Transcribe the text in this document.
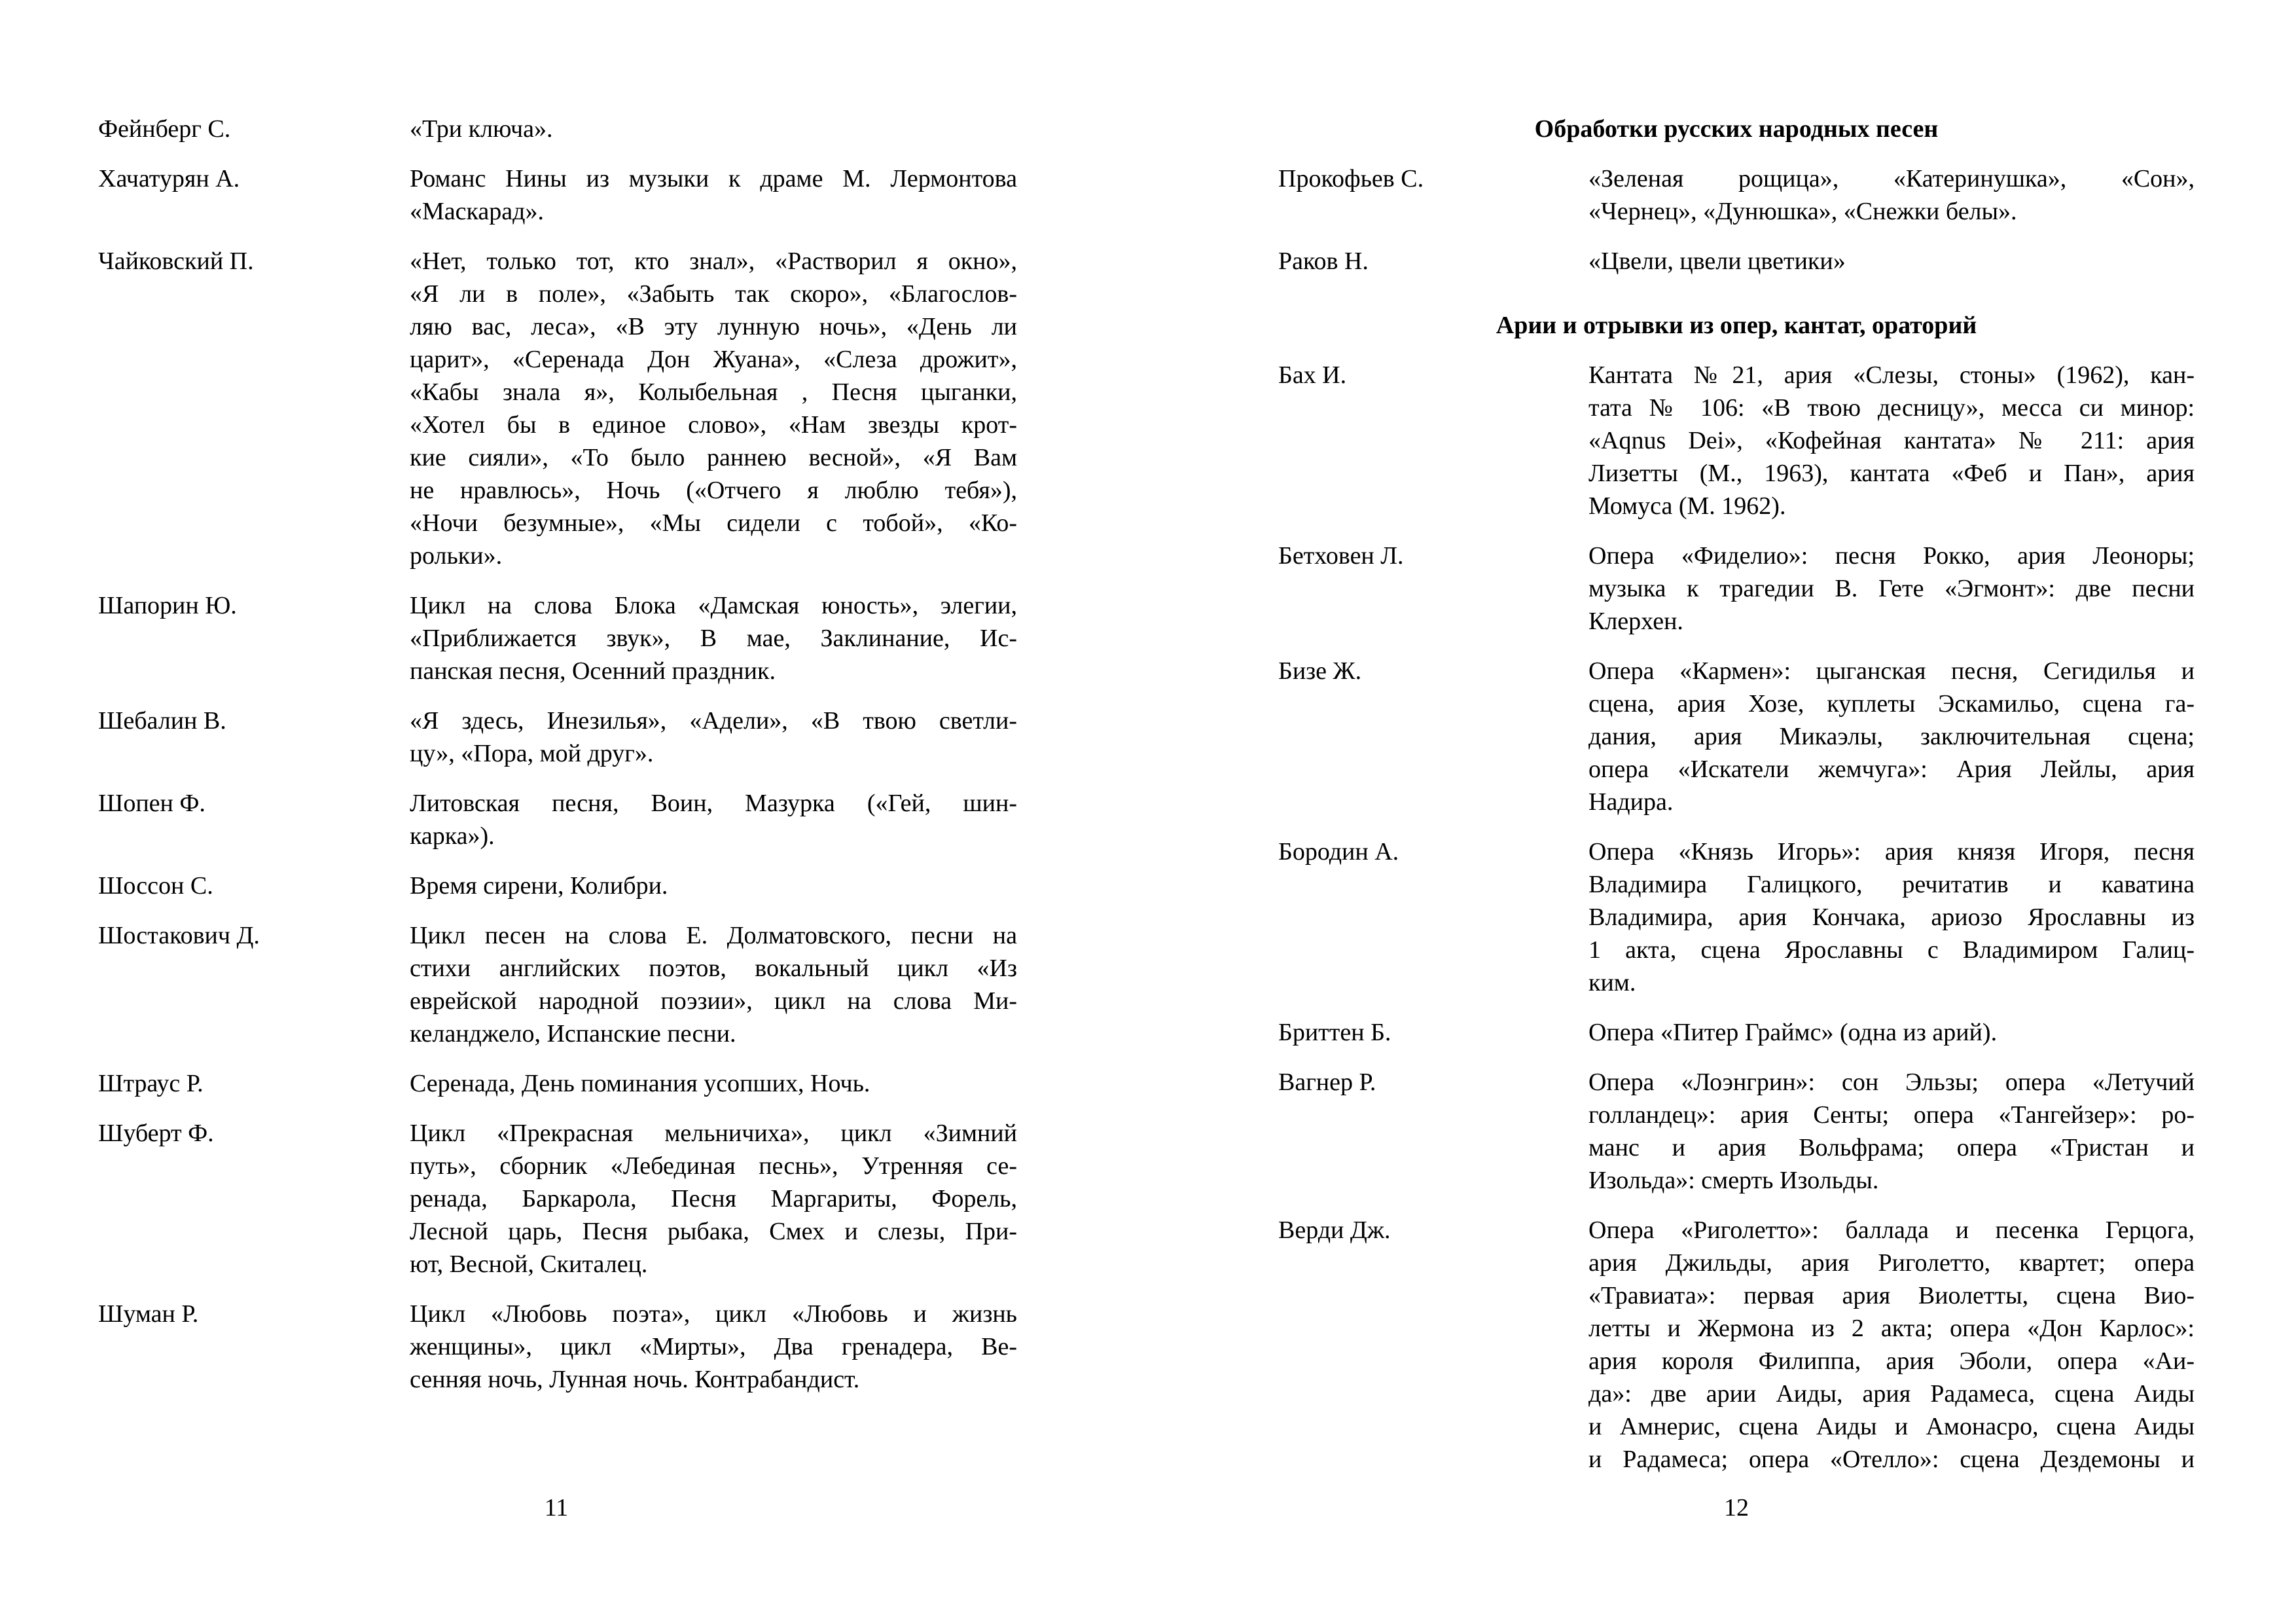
Фейнберг С.	«Три ключа».
Хачатурян А.	Романс Нины из музыки к драме М. Лермонтова
«Маскарад».
Чайковский П.	«Нет, только тот, кто знал», «Растворил я окно»,
«Я ли в поле», «Забыть так скоро», «Благослов-
ляю вас, леса», «В эту лунную ночь», «День ли
царит», «Серенада Дон Жуана», «Слеза дрожит»,
«Кабы знала я», Колыбельная , Песня цыганки,
«Хотел бы в единое слово», «Нам звезды крот-
кие сияли», «То было раннею весной», «Я Вам
не нравлюсь», Ночь («Отчего я люблю тебя»),
«Ночи безумные», «Мы сидели с тобой», «Ко-
рольки».
Шапорин Ю.	Цикл на слова Блока «Дамская юность», элегии,
«Приближается звук», В мае, Заклинание, Ис-
панская песня, Осенний праздник.
Шебалин В.	«Я здесь, Инезилья», «Адели», «В твою светли-
цу», «Пора, мой друг».
Шопен Ф.	Литовская песня, Воин, Мазурка («Гей, шин-
карка»).
Шоссон С.	Время сирени, Колибри.
Шостакович Д.	Цикл песен на слова Е. Долматовского, песни на
стихи английских поэтов, вокальный цикл «Из
еврейской народной поэзии», цикл на слова Ми-
келанджело, Испанские песни.
Штраус Р.	Серенада, День поминания усопших, Ночь.
Шуберт Ф.	Цикл «Прекрасная мельничиха», цикл «Зимний
путь», сборник «Лебединая песнь», Утренняя се-
ренада, Баркарола, Песня Маргариты, Форель,
Лесной царь, Песня рыбака, Смех и слезы, При-
ют, Весной, Скиталец.
Шуман Р.	Цикл «Любовь поэта», цикл «Любовь и жизнь
женщины», цикл «Мирты», Два гренадера, Ве-
сенняя ночь, Лунная ночь. Контрабандист.
Обработки русских народных песен
Прокофьев С.	«Зеленая рощица», «Катеринушка», «Сон»,
«Чернец», «Дунюшка», «Снежки белы».
Раков Н.	«Цвели, цвели цветики»
Арии и отрывки из опер, кантат, ораторий
Бах И.	Кантата №21, ария «Слезы, стоны» (1962), кан-
тата № 106: «В твою десницу», месса си минор:
«Aqnus Dei», «Кофейная кантата» № 211: ария
Лизетты (М., 1963), кантата «Феб и Пан», ария
Момуса (М. 1962).
Бетховен Л.	Опера «Фиделио»: песня Рокко, ария Леоноры;
музыка к трагедии В. Гете «Эгмонт»: две песни
Клерхен.
Бизе Ж.	Опера «Кармен»: цыганская песня, Сегидилья и
сцена, ария Хозе, куплеты Эскамильо, сцена га-
дания, ария Микаэлы, заключительная сцена;
опера «Искатели жемчуга»: Ария Лейлы, ария
Надира.
Бородин А.	Опера «Князь Игорь»: ария князя Игоря, песня
Владимира Галицкого, речитатив и каватина
Владимира, ария Кончака, ариозо Ярославны из
1 акта, сцена Ярославны с Владимиром Галиц-
ким.
Бриттен Б.	Опера «Питер Граймс» (одна из арий).
Вагнер Р.	Опера «Лоэнгрин»: сон Эльзы; опера «Летучий
голландец»: ария Сенты; опера «Тангейзер»: ро-
манс и ария Вольфрама; опера «Тристан и
Изольда»: смерть Изольды.
Верди Дж.	Опера «Риголетто»: баллада и песенка Герцога,
ария Джильды, ария Риголетто, квартет; опера
«Травиата»: первая ария Виолетты, сцена Вио-
летты и Жермона из 2 акта; опера «Дон Карлос»:
ария короля Филиппа, ария Эболи, опера «Аи-
да»: две арии Аиды, ария Радамеса, сцена Аиды
и Амнерис, сцена Аиды и Амонасро, сцена Аиды
и Радамеса; опера «Отелло»: сцена Дездемоны и
11	12
